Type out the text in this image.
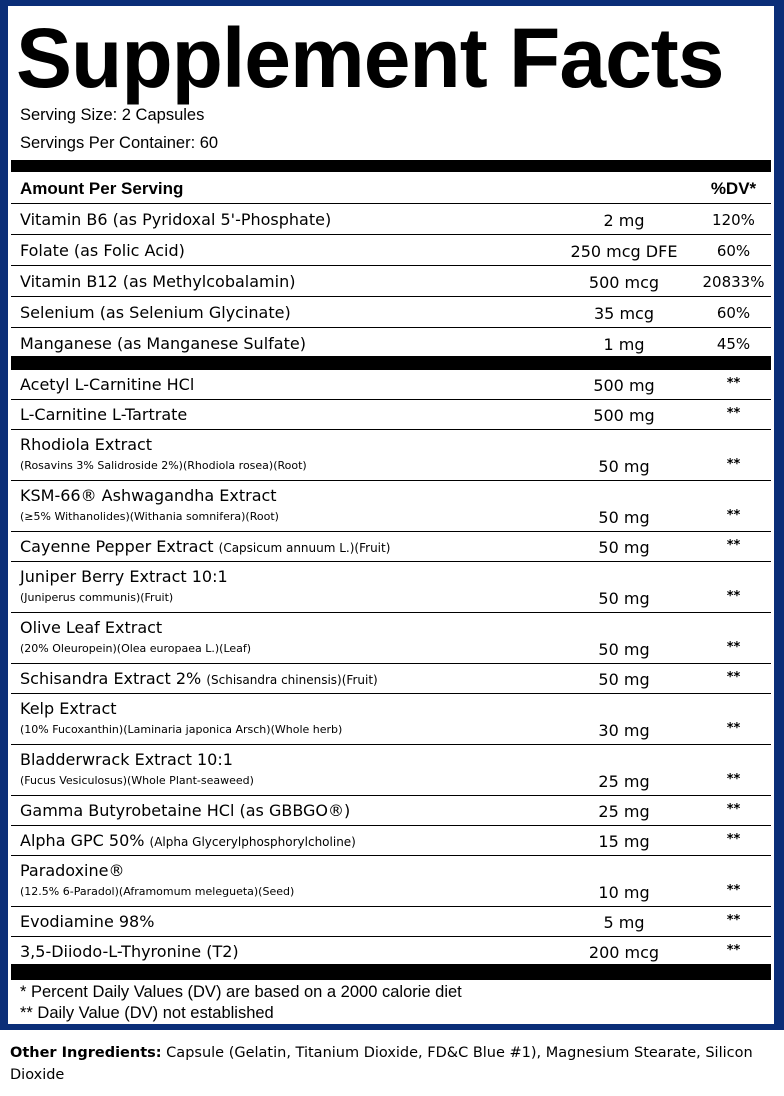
Supplement Facts
Serving Size: 2 Capsules
Servings Per Container: 60
Amount Per Serving	%DV*
Vitamin B6 (as Pyridoxal 5'-Phosphate)	2 mg	120%
Folate (as Folic Acid)	250 mcg DFE	60%
Vitamin B12 (as Methylcobalamin)	500 mcg	20833%
Selenium (as Selenium Glycinate)	35 mcg	60%
Manganese (as Manganese Sulfate)	1 mg	45%
Acetyl L-Carnitine HCl	500 mg	**
L-Carnitine L-Tartrate	500 mg	**
Rhodiola Extract
(Rosavins 3% Salidroside 2%)(Rhodiola rosea)(Root)	50 mg	**
KSM-66® Ashwagandha Extract
(≥5% Withanolides)(Withania somnifera)(Root)	50 mg	**
Cayenne Pepper Extract (Capsicum annuum L.)(Fruit)	50 mg	**
Juniper Berry Extract 10:1
(Juniperus communis)(Fruit)	50 mg	**
Olive Leaf Extract
(20% Oleuropein)(Olea europaea L.)(Leaf)	50 mg	**
Schisandra Extract 2% (Schisandra chinensis)(Fruit)	50 mg	**
Kelp Extract
(10% Fucoxanthin)(Laminaria japonica Arsch)(Whole herb)	30 mg	**
Bladderwrack Extract 10:1
(Fucus Vesiculosus)(Whole Plant-seaweed)	25 mg	**
Gamma Butyrobetaine HCl (as GBBGO®)	25 mg	**
Alpha GPC 50% (Alpha Glycerylphosphorylcholine)	15 mg	**
Paradoxine®
(12.5% 6-Paradol)(Aframomum melegueta)(Seed)	10 mg	**
Evodiamine 98%	5 mg	**
3,5-Diiodo-L-Thyronine (T2)	200 mcg	**
* Percent Daily Values (DV) are based on a 2000 calorie diet
** Daily Value (DV) not established
Other Ingredients: Capsule (Gelatin, Titanium Dioxide, FD&C Blue #1), Magnesium Stearate, Silicon Dioxide
